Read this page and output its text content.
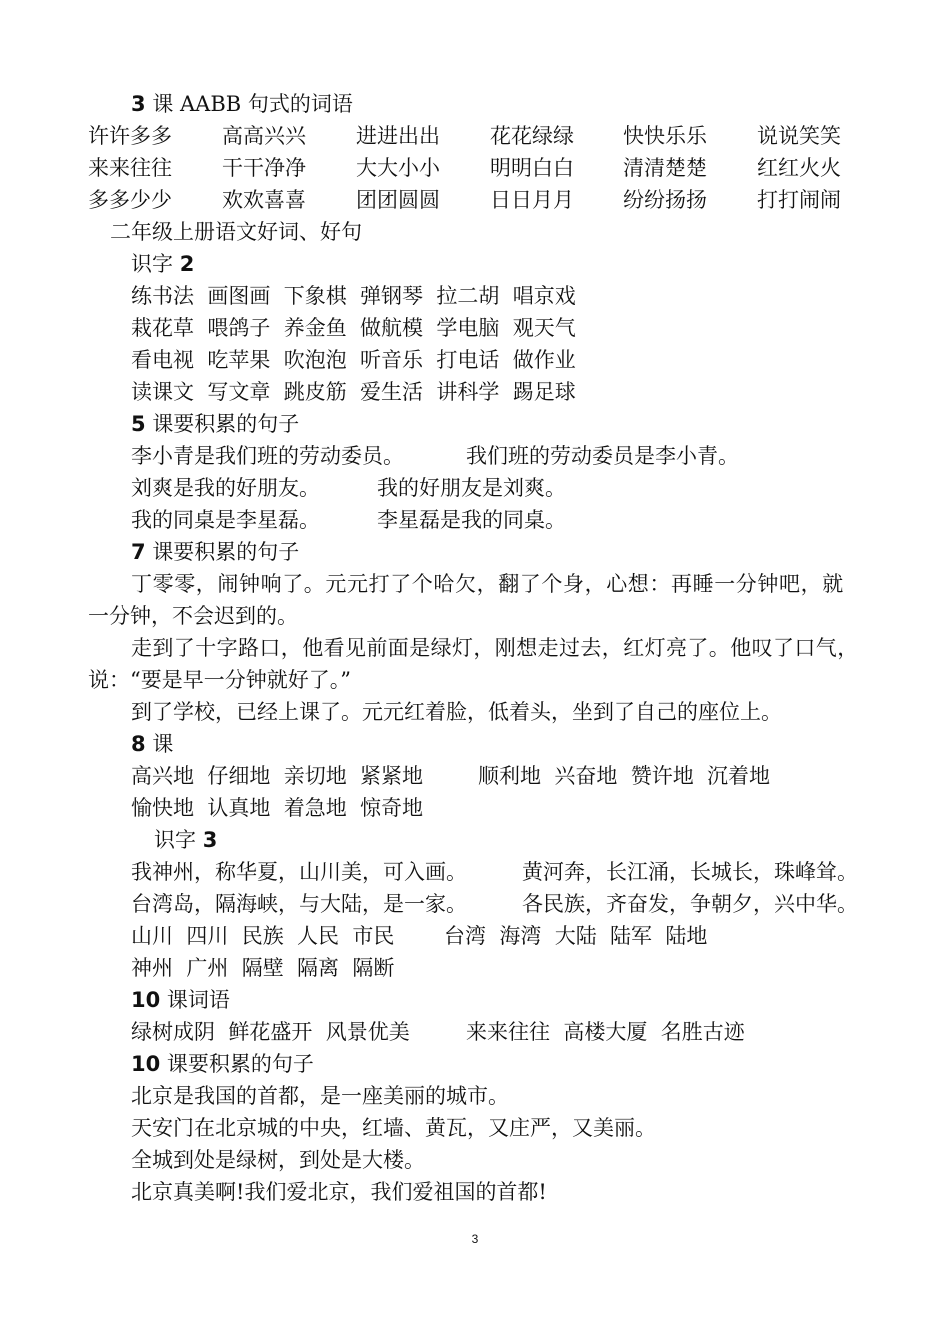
3 课 AABB 句式的词语
许许多多 高高兴兴 进进出出 花花绿绿 快快乐乐 说说笑笑
来来往往 干干净净 大大小小 明明白白 清清楚楚 红红火火
多多少少 欢欢喜喜 团团圆圆 日日月月 纷纷扬扬 打打闹闹
二年级上册语文好词、好句
识字 2
练书法  画图画  下象棋  弹钢琴  拉二胡  唱京戏
栽花草  喂鸽子  养金鱼  做航模  学电脑  观天气
看电视  吃苹果  吹泡泡  听音乐  打电话  做作业
读课文  写文章  跳皮筋  爱生活  讲科学  踢足球
5 课要积累的句子
李小青是我们班的劳动委员。	我们班的劳动委员是李小青。
刘爽是我的好朋友。	我的好朋友是刘爽。
我的同桌是李星磊。	李星磊是我的同桌。
7 课要积累的句子
丁零零，闹钟响了。元元打了个哈欠，翻了个身，心想：再睡一分钟吧，就
一分钟，不会迟到的。
走到了十字路口，他看见前面是绿灯，刚想走过去，红灯亮了。他叹了口气，
说：“要是早一分钟就好了。”
到了学校，已经上课了。元元红着脸，低着头，坐到了自己的座位上。
8 课
高兴地  仔细地  亲切地  紧紧地	顺利地  兴奋地  赞许地  沉着地
愉快地  认真地  着急地  惊奇地
识字 3
我神州，称华夏，山川美，可入画。	黄河奔，长江涌，长城长，珠峰耸。
台湾岛，隔海峡，与大陆，是一家。	各民族，齐奋发，争朝夕，兴中华。
山川  四川  民族  人民  市民 台湾  海湾  大陆  陆军  陆地
神州  广州  隔壁  隔离  隔断
10 课词语
绿树成阴  鲜花盛开  风景优美	来来往往  高楼大厦  名胜古迹
10 课要积累的句子
北京是我国的首都，是一座美丽的城市。
天安门在北京城的中央，红墙、黄瓦，又庄严，又美丽。
全城到处是绿树，到处是大楼。
北京真美啊!我们爱北京，我们爱祖国的首都!
3
